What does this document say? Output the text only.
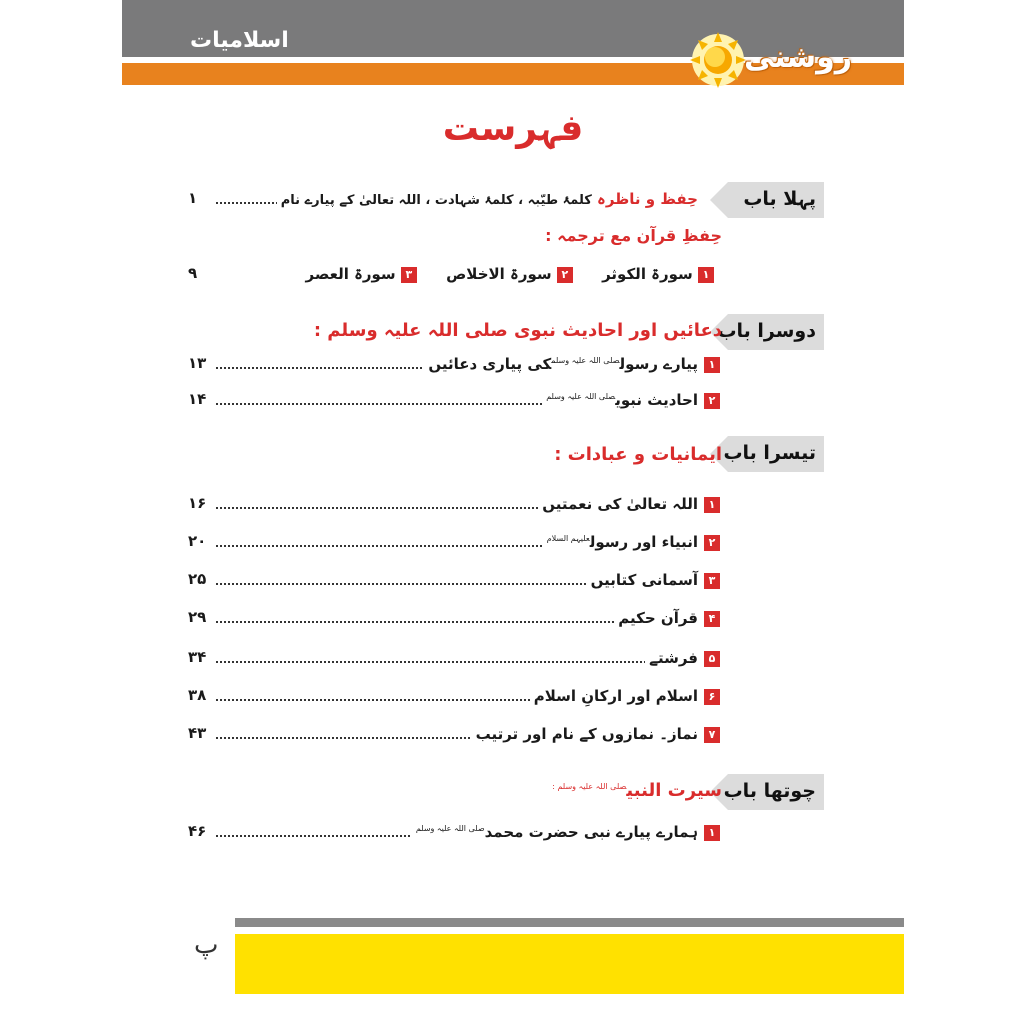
اسلامیات	روشنی
فہرست
پہلا باب
حِفظ و ناظرہ کلمۂ طیّبہ ، کلمۂ شہادت ، اللہ تعالیٰ کے پیارے نام
۱
حِفظِ قرآن مع ترجمہ :
۱ سورۃ الکوثر ۲ سورۃ الاخلاص ۳ سورۃ العصر
۹
دوسرا باب
دعائیں اور احادیث نبوی صلی اللہ علیہ وسلم :
۱
پیارے رسول$^{صلی اللہ علیہ وسلم}$کی پیاری دعائیں
۱۳
۲
احادیث نبوی$^{صلی اللہ علیہ وسلم}$
۱۴
تیسرا باب
ایمانیات و عبادات :
۱
اللہ تعالیٰ کی نعمتیں
۱۶
۲
انبیاء اور رسول$^{علیہم السلام}$
۲۰
۳
آسمانی کتابیں
۲۵
۴
قرآن حکیم
۲۹
۵
فرشتے
۳۴
۶
اسلام اور ارکانِ اسلام
۳۸
۷
نماز۔ نمازوں کے نام اور ترتیب
۴۳
چوتھا باب
سیرت النبی$^{صلی اللہ علیہ وسلم :}$
۱
ہمارے پیارے نبی حضرت محمد$^{صلی اللہ علیہ وسلم}$
۴۶
پ
